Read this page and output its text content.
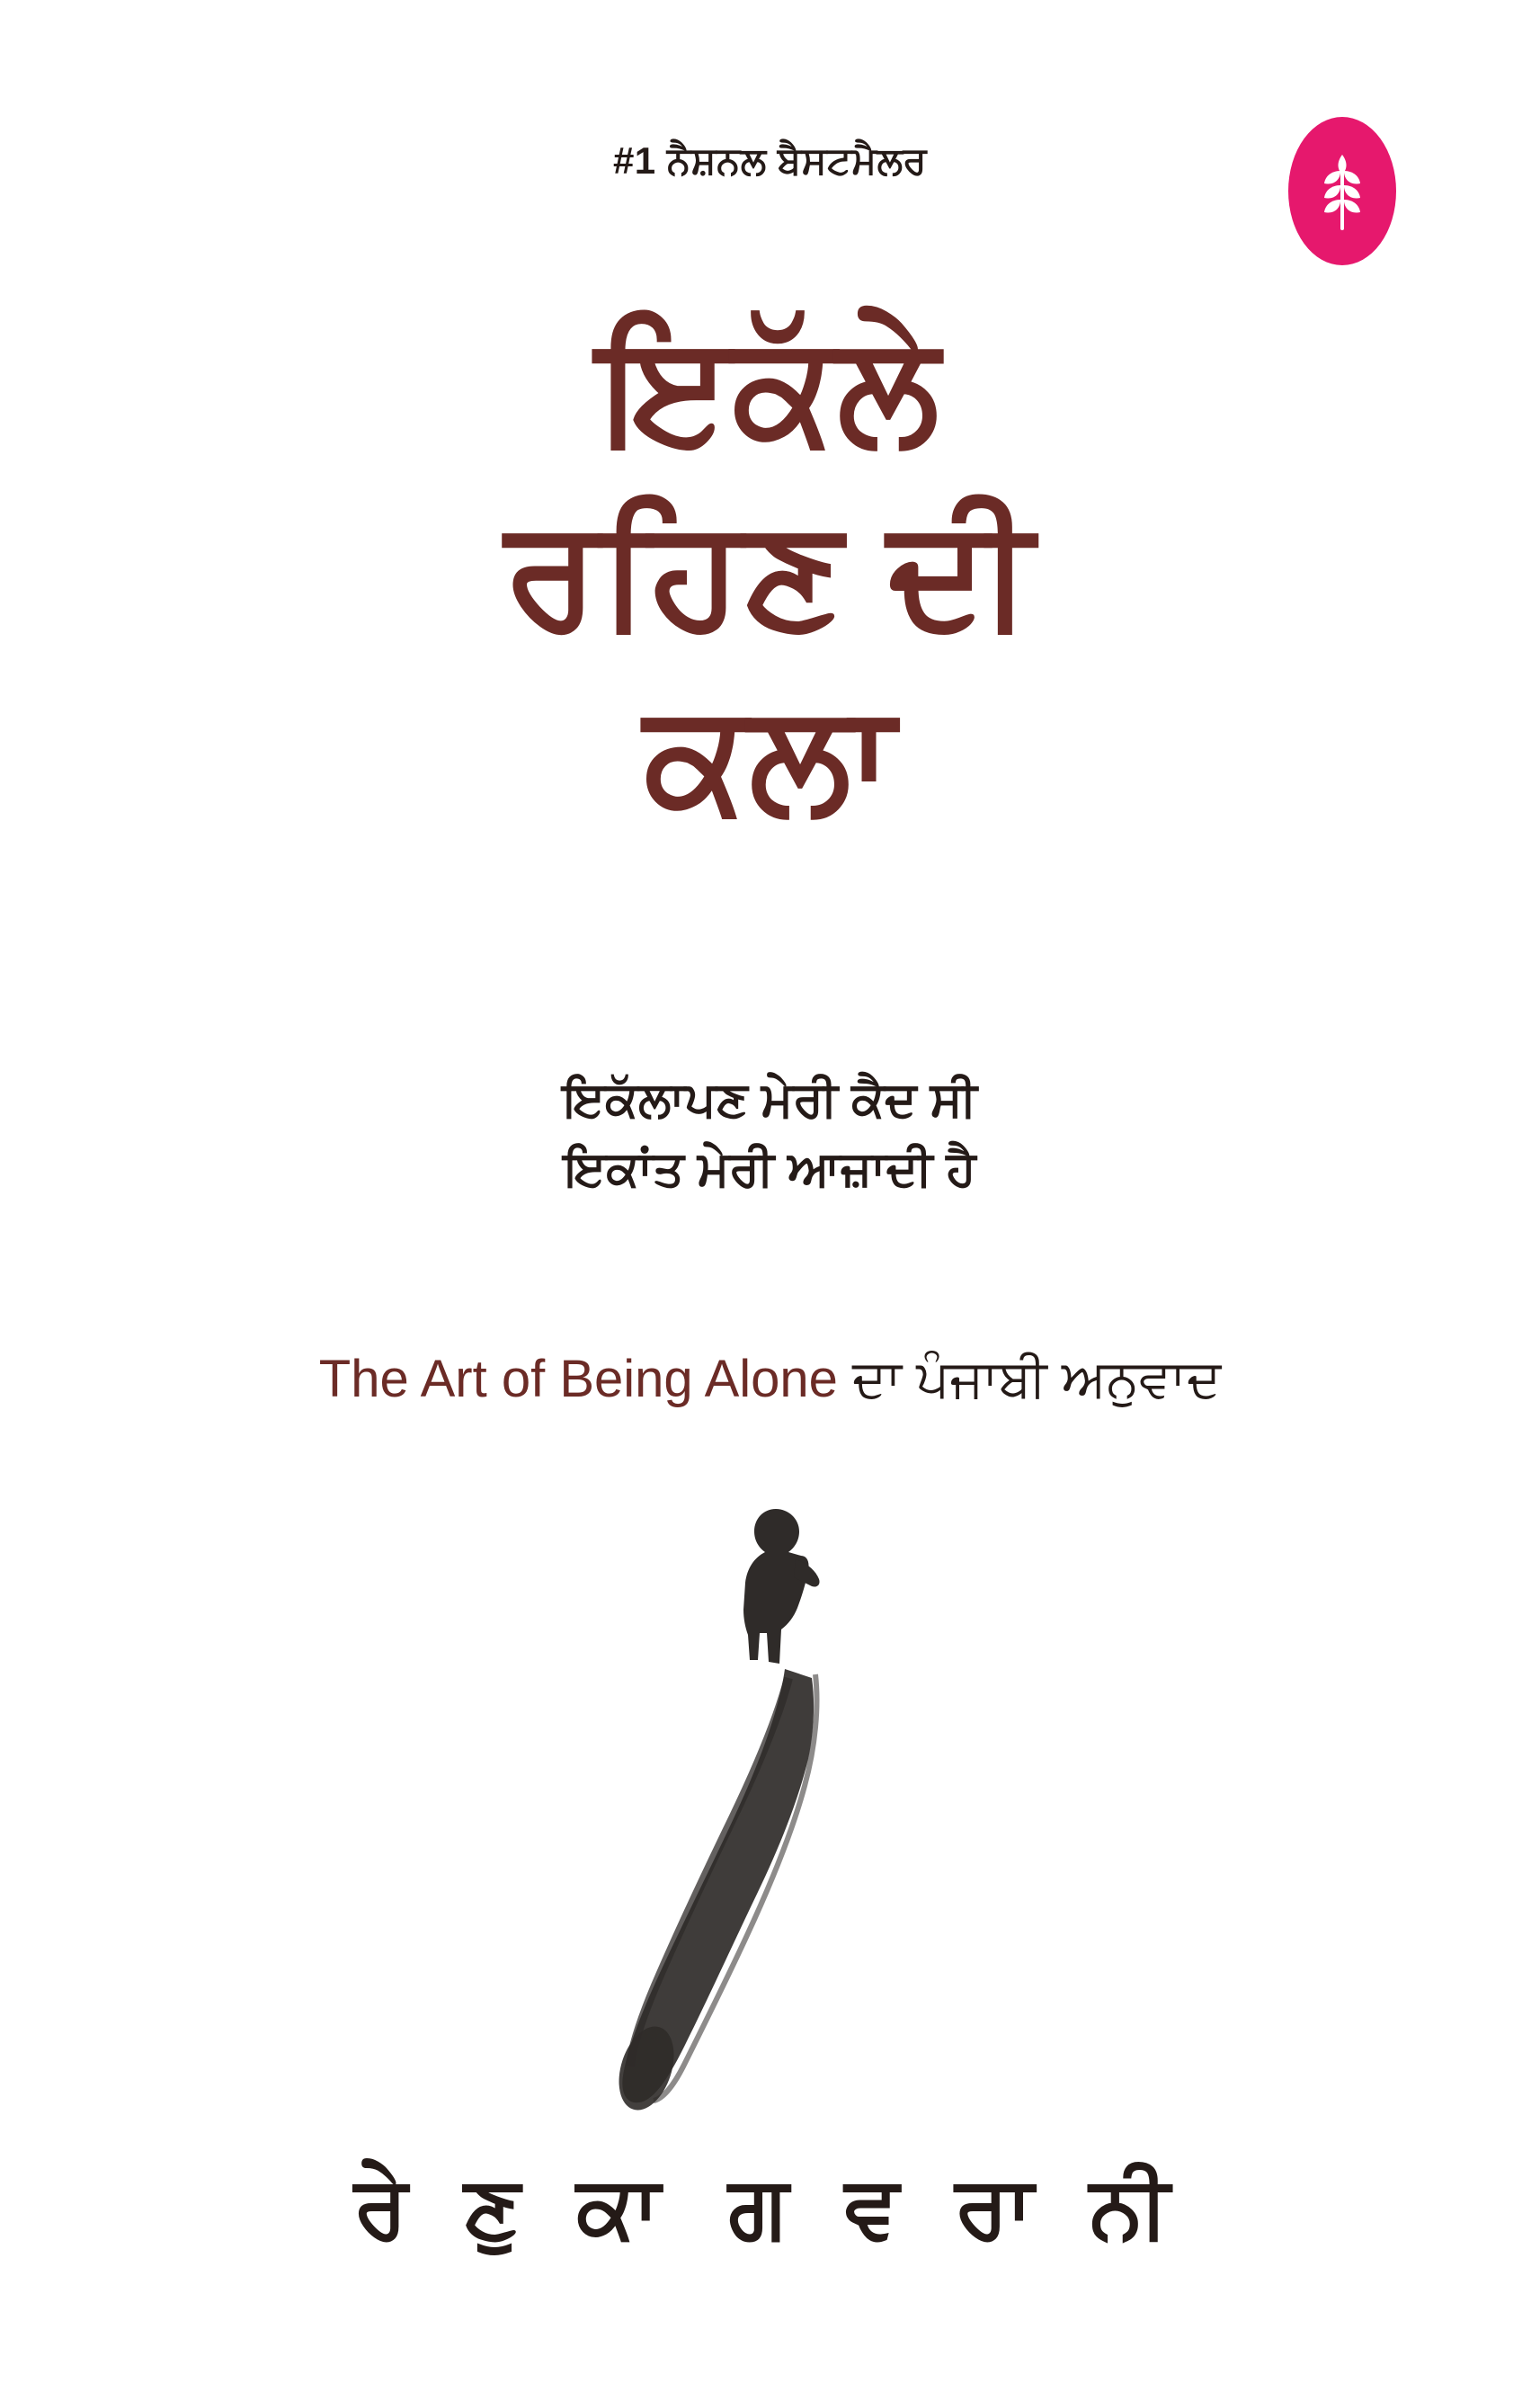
#1 ਨੈਸ਼ਨਲ ਬੈਸਟਮੈਲਰ
ਇਕੱਲੇ
ਰਹਿਣ ਦੀ
ਕਲਾ
ਇਕੱਲਾਪਣ ਮੇਰੀ ਕੈਦ ਸੀ
ਇਕਾਂਤ ਮੇਰੀ ਆਜ਼ਾਦੀ ਹੈ
The Art of Being Alone ਦਾ ਪੰਜਾਬੀ ਅਨੁਵਾਦ
ਰੇ ਣੁ ਕਾ ਗ ਵ ਰਾ ਨੀ
